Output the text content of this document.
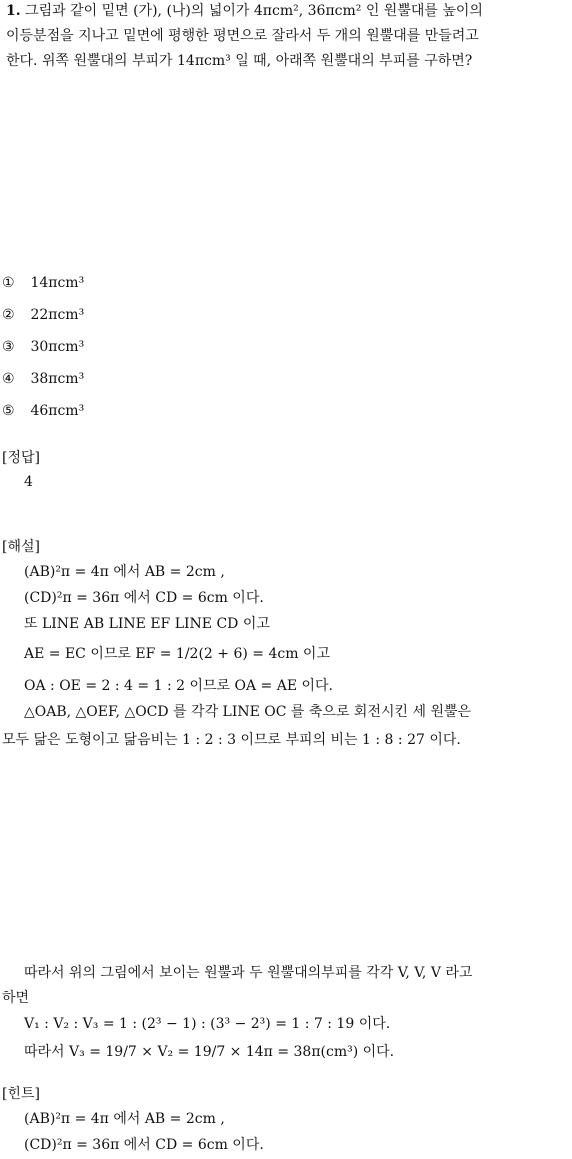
1. 그림과 같이 밑면 (가), (나)의 넓이가 4πcm², 36πcm² 인 원뿔대를 높이의
이등분점을 지나고 밑면에 평행한 평면으로 잘라서 두 개의 원뿔대를 만들려고
한다. 위쪽 원뿔대의 부피가 14πcm³ 일 때, 아래쪽 원뿔대의 부피를 구하면?
① 14πcm³
② 22πcm³
③ 30πcm³
④ 38πcm³
⑤ 46πcm³
[정답]
4
[해설]
(AB)²π = 4π 에서 AB = 2cm ,
(CD)²π = 36π 에서 CD = 6cm 이다.
또 LINE AB LINE EF LINE CD 이고
AE = EC 이므로 EF = 1/2(2 + 6) = 4cm 이고
OA : OE = 2 : 4 = 1 : 2 이므로 OA = AE 이다.
△OAB, △OEF, △OCD 를 각각 LINE OC 를 축으로 회전시킨 세 원뿔은
모두 닮은 도형이고 닮음비는 1 : 2 : 3 이므로 부피의 비는 1 : 8 : 27 이다.
따라서 위의 그림에서 보이는 원뿔과 두 원뿔대의부피를 각각 V, V, V 라고
하면
V₁ : V₂ : V₃ = 1 : (2³ − 1) : (3³ − 2³) = 1 : 7 : 19 이다.
따라서 V₃ = 19/7 × V₂ = 19/7 × 14π = 38π(cm³) 이다.
[힌트]
(AB)²π = 4π 에서 AB = 2cm ,
(CD)²π = 36π 에서 CD = 6cm 이다.
